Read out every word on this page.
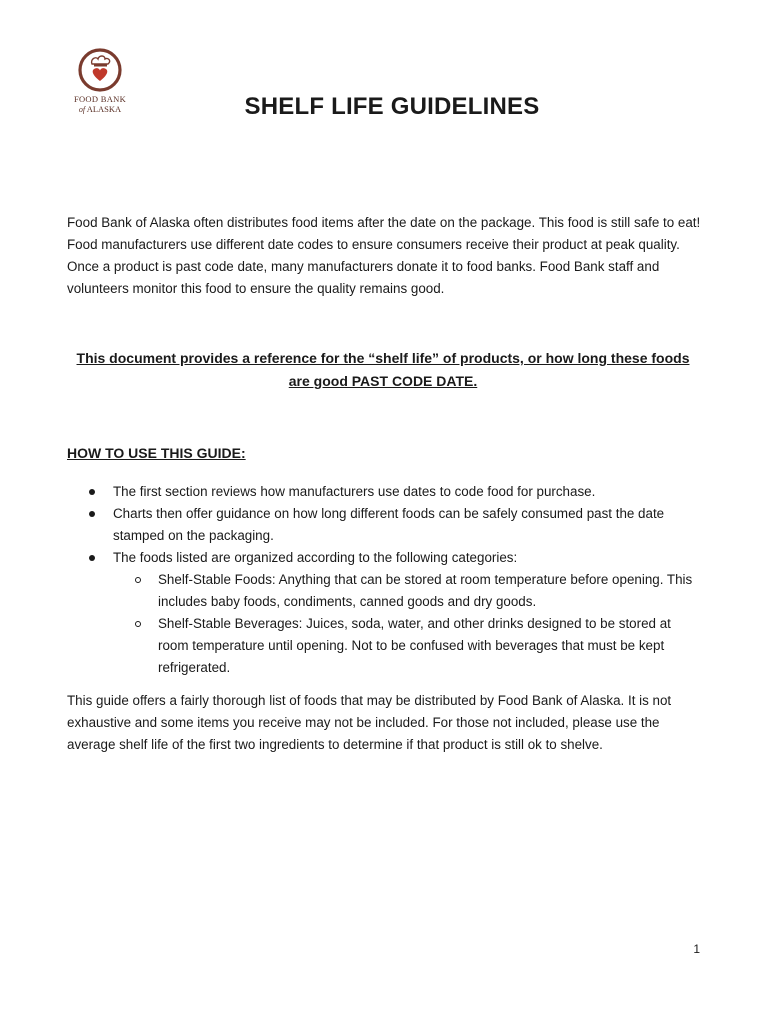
FOOD BANK
of ALASKA	SHELF LIFE GUIDELINES

Food Bank of Alaska often distributes food items after the date on the package. This food is still safe to eat! Food manufacturers use different date codes to ensure consumers receive their product at peak quality. Once a product is past code date, many manufacturers donate it to food banks. Food Bank staff and volunteers monitor this food to ensure the quality remains good.

This document provides a reference for the “shelf life” of products, or how long these foods are good PAST CODE DATE.

HOW TO USE THIS GUIDE:
The first section reviews how manufacturers use dates to code food for purchase.
Charts then offer guidance on how long different foods can be safely consumed past the date stamped on the packaging.
The foods listed are organized according to the following categories:
Shelf-Stable Foods: Anything that can be stored at room temperature before opening. This includes baby foods, condiments, canned goods and dry goods.
Shelf-Stable Beverages: Juices, soda, water, and other drinks designed to be stored at room temperature until opening. Not to be confused with beverages that must be kept refrigerated.

This guide offers a fairly thorough list of foods that may be distributed by Food Bank of Alaska. It is not exhaustive and some items you receive may not be included. For those not included, please use the average shelf life of the first two ingredients to determine if that product is still ok to shelve.

1
